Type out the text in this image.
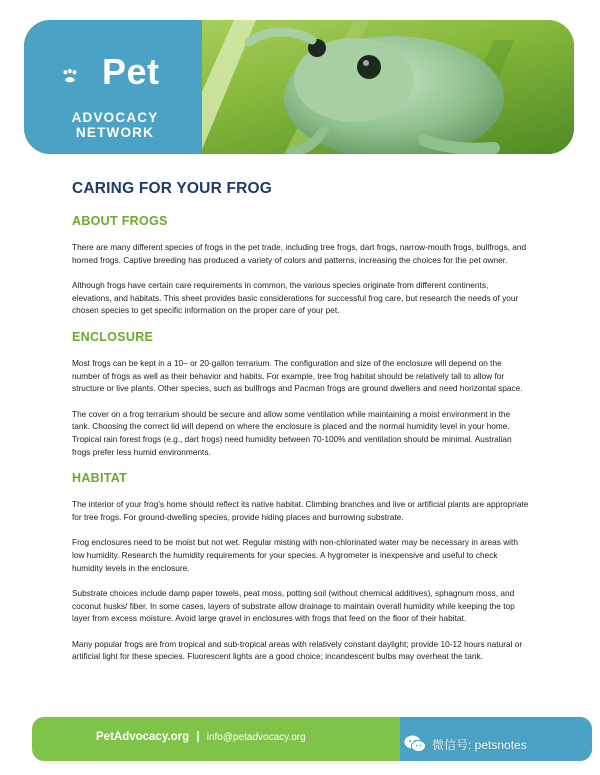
Pet
ADVOCACY NETWORK
CARING FOR YOUR FROG
ABOUT FROGS

There are many different species of frogs in the pet trade, including tree frogs, dart frogs, narrow-mouth frogs, bullfrogs, and horned frogs. Captive breeding has produced a variety of colors and patterns, increasing the choices for the pet owner.

Although frogs have certain care requirements in common, the various species originate from different continents, elevations, and habitats. This sheet provides basic considerations for successful frog care, but research the needs of your chosen species to get specific information on the proper care of your pet.

ENCLOSURE

Most frogs can be kept in a 10– or 20-gallon terrarium. The configuration and size of the enclosure will depend on the number of frogs as well as their behavior and habits. For example, tree frog habitat should be relatively tall to allow for structure or live plants. Other species, such as bullfrogs and Pacman frogs are ground dwellers and need horizontal space.

The cover on a frog terrarium should be secure and allow some ventilation while maintaining a moist environment in the tank. Choosing the correct lid will depend on where the enclosure is placed and the normal humidity level in your home. Tropical rain forest frogs (e.g., dart frogs) need humidity between 70-100% and ventilation should be minimal. Australian frogs prefer less humid environments.

HABITAT

The interior of your frog’s home should reflect its native habitat. Climbing branches and live or artificial plants are appropriate for tree frogs. For ground-dwelling species, provide hiding places and burrowing substrate.

Frog enclosures need to be moist but not wet. Regular misting with non-chlorinated water may be necessary in areas with low humidity. Research the humidity requirements for your species. A hygrometer is inexpensive and useful to check humidity levels in the enclosure.

Substrate choices include damp paper towels, peat moss, potting soil (without chemical additives), sphagnum moss, and coconut husks/ fiber. In some cases, layers of substrate allow drainage to maintain overall humidity while keeping the top layer from excess moisture. Avoid large gravel in enclosures with frogs that feed on the floor of their habitat.

Many popular frogs are from tropical and sub-tropical areas with relatively constant daylight; provide 10-12 hours natural or artificial light for these species. Fluorescent lights are a good choice; incandescent bulbs may overheat the tank.

PetAdvocacy.org | info@petadvocacy.org	微信号: petsnotes
